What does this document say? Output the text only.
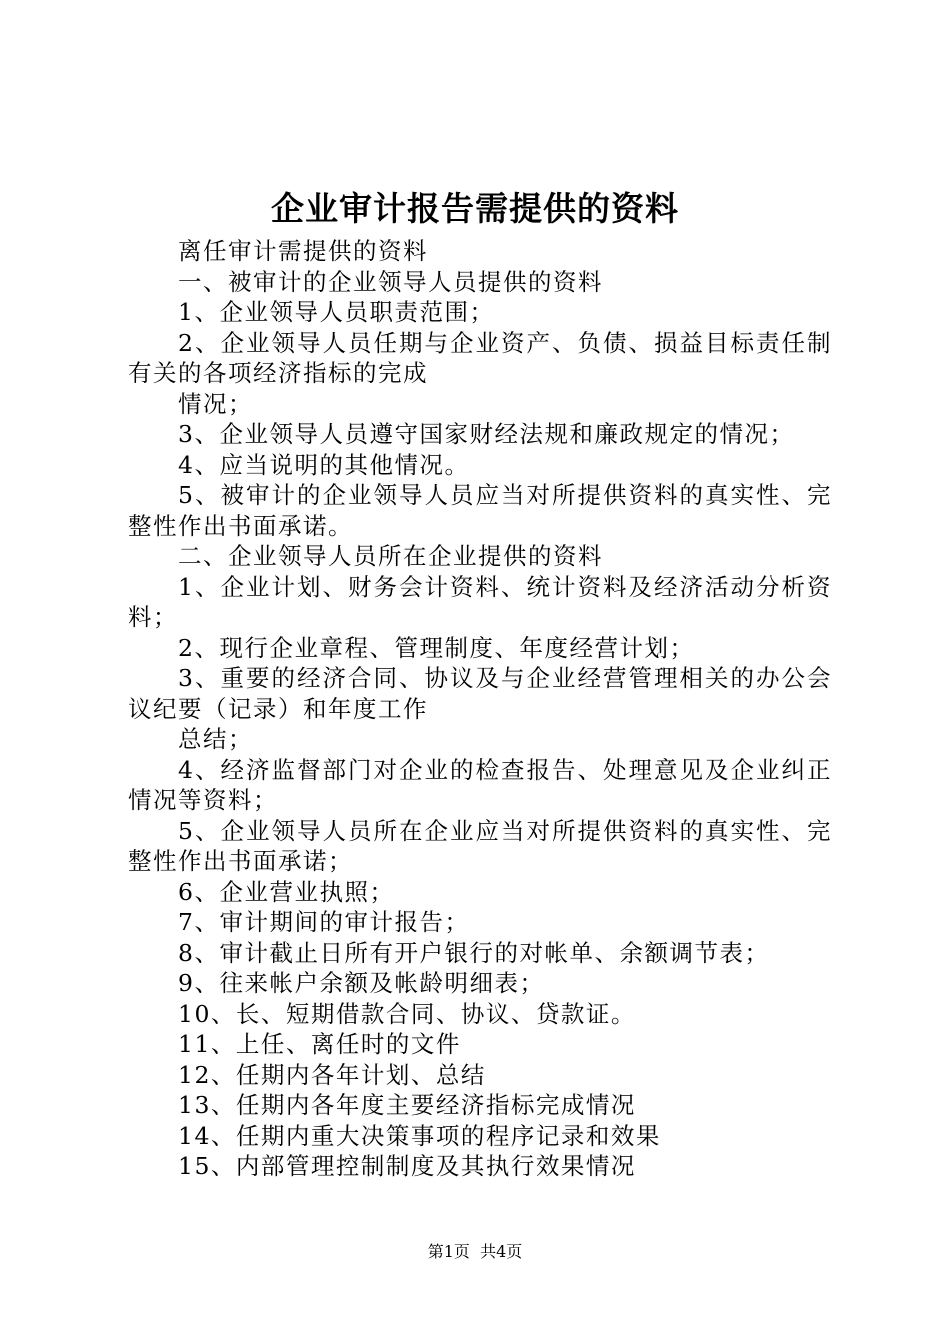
企业审计报告需提供的资料

离任审计需提供的资料

一、被审计的企业领导人员提供的资料

1、企业领导人员职责范围；

2、企业领导人员任期与企业资产、负债、损益目标责任制有关的各项经济指标的完成

情况；

3、企业领导人员遵守国家财经法规和廉政规定的情况；

4、应当说明的其他情况。

5、被审计的企业领导人员应当对所提供资料的真实性、完整性作出书面承诺。

二、企业领导人员所在企业提供的资料

1、企业计划、财务会计资料、统计资料及经济活动分析资料；

2、现行企业章程、管理制度、年度经营计划；

3、重要的经济合同、协议及与企业经营管理相关的办公会议纪要（记录）和年度工作

总结；

4、经济监督部门对企业的检查报告、处理意见及企业纠正情况等资料；

5、企业领导人员所在企业应当对所提供资料的真实性、完整性作出书面承诺；

6、企业营业执照；

7、审计期间的审计报告；

8、审计截止日所有开户银行的对帐单、余额调节表；

9、往来帐户余额及帐龄明细表；

10、长、短期借款合同、协议、贷款证。

11、上任、离任时的文件

12、任期内各年计划、总结

13、任期内各年度主要经济指标完成情况

14、任期内重大决策事项的程序记录和效果

15、内部管理控制制度及其执行效果情况

第1页 共4页
